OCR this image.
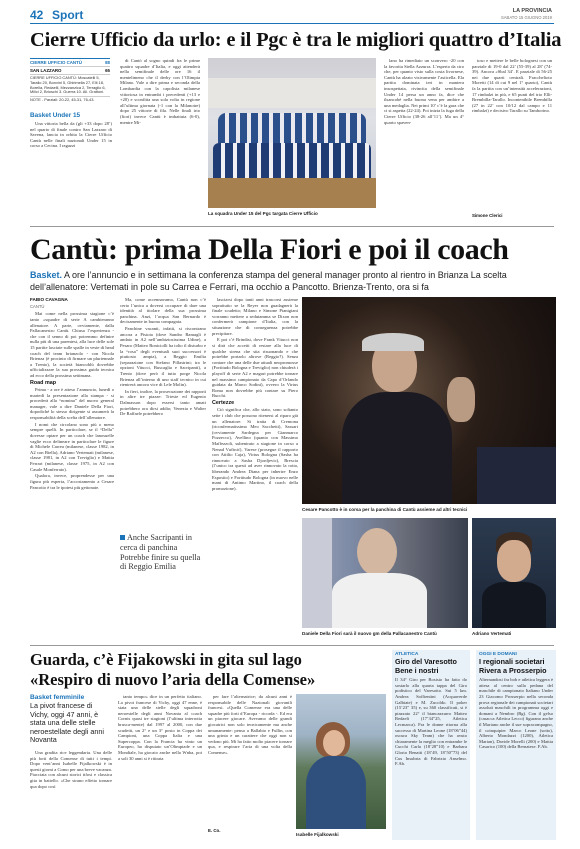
42 Sport	LA PROVINCIA
SABATO 15 GIUGNO 2019
Cierre Ufficio da urlo: e il Pgc è tra le migliori quattro d’Italia
CIERRE UFFICIO CANTÙ	88
SAN LAZZARO	65
CIERRE UFFICIO CANTÙ: Moscatelli 5, Tarallo 20, Bonvini 5, Ghirimella 27, Elli 18, Borella, Redaelli, Mezzanzica 2, Terraglio 6, Milici 2, Brioschi 3. Guerra 10. All. Grattoni.
NOTE - Parziali: 20-22, 45-31, 76-43.
Basket Under 15

Una vittoria bella da (gli +33 dopo 28’) nel quarto di finale contro San Lazzaro di Savena, lancia in orbita la Cierre Ufficio Cantù nelle finali nazionali Under 15 in corso a Cecina. I ragazzi

di Cantò al sogno quindi fra le prime quattro squadre d’Italia, e oggi attenderà nella semifinale delle ore 16 il mentelimeno che il derby con l’Olimpia Milano. Vale a dire prima e seconda della Lombardia con la capolista milanese vittoriosa in entrambi i precedenti (+13 e +20) e sconfitta una sola volta in regione all’ultima giornata (-1 con la Milanotre) dopo 25 vittorie di fila. Nelle finali trio (fiori) invece Cantù è imbattuta (6-0), mentre Mi-

La squadra Under 15 del Pgc targata Cierre Ufficio

lano ha rimediato un sconvero -20 con la favorita Stella Azzurra. L’esperto da ciro che, per quanto visto sulla costa livornese, Cantù ha alzato visivamente l’asticella. Ela partita dominata ieri in maniera insospettata, rivincita della semifinale Under 14 persa un anno fa, dice che ilsancobè nella buona vena per ambire a una medaglia. Nei primi 10’ c’è la gara che ci si aspetta (22-24). Poi inizia la fuga della Cierre Ufficio (38-26 all’11’). Ma un 4° quarto spaven-

toso e mettere le belle bolognesi con un parziale di 19-0 dal 22’ (55-39) al 28’ (74-39). Ancora «Sbal 34’. E parziale di 56-25 nei due quarti centrali. Fracchelioto Moretti (14 di cui 9 nel 1° quarto), Cantù fa la partita con un’intensità accelerazioni, 17 rimbalzi in più, e 65 punti del trio Elli-Brembilla-Tarallo. Incontenibile Brembilla (27 in 22’ con 10/12 dal campo e 11 rimbalzi) e decisivo Tarallo su Tamborino.

Simone Clerici
Cantù: prima Della Fiori e poi il coach
Basket. A ore l’annuncio e in settimana la conferenza stampa del general manager pronto al rientro in Brianza La scelta dell’allenatore: Vertemati in pole su Carrea e Ferrari, ma occhio a Pancotto. Brienza-Trento, ora si fa

FABIO CAVAGNA

CANTÙ

Mai come nella prossima stagione c’è tanto «squadre di serie A cambieranno allenatore. A parte, ovviamente, dalla Pallacanestro Cantù. Chiusa l’esperienza - che con il senno di poi potremmo definire nulla più di una parentesi, alla luce delle sole 15 partite lasciate sulle spalle in veste di head coach del team brianzolo - con Nicola Brienza (è procinto di firmare un pluriennale a Trento), la società biancoblù dovrebbe ufficializzare la sua prossima guida tecnica ad ecco della prossima settimana.

Road map

Prima - a ore è atteso l’annuncio, lunedì o martedì la presentazione alla stampa - si procederà alla “nomina” del nuovo general manager, vale a dire Daniele Della Fiori, dopodiché lo stesso dirigente si assumerà la responsabilità della scelta dell’allenatore.

I nomi che circolano sono più o meno sempre quelli. In particolare, se il “Della” dovesse optare per un coach che lanosuelle vaglie ecco delineare in particolare le figure di Michele Carrea (milanese, classe 1982, in A2 con Biella), Adriano Vertemati (milanese, classe 1981, in A2 con Treviglio) e Mattia Ferrari (milanese, classe 1975, in A2 con Casale Monferrato).

Qualora, invece, proprendesse per una figura più esperta, l’accostamento a Cesare Pancotto è tra le ipotesi più gettonate.

Ma, come accennavamo, Cantù non c’è certo l’unica a doversi occupare di dare una identità al titolare della sua prossima panchina. Anzi, l’acqua San Bernardo è decisamente in buona compagnia.

Panchine vacanti, infatti, si riscontrano ancora a Pistoia (dove Sandro Ramagli è andato in A2 nell’ambiziosissima Udine), a Pesaro (Matteo Boniciolli ha tolto il disturbo e la “rosa” degli eventuali suoi successori è piuttosto ampia), a Reggio Emilia (separazione con Stefano Pillastrini; tra le opzioni Vitucci, Buscaglia e Sacripanti), a Trento (dove però il tutto porge Nicola Brienza all’interno di uno staff tecnico in cui rientrerà ancora vice di Lele Molin).

In fieri, inoltre, la prosecuzione dei rapporti in altre tre piazze: Trieste ed Eugenio Dalmasson dopo essersi tanto amati potrebbero ora dirsi addio; Venezia e Walter De Raffaele potrebbero

Anche Sacripanti in cerca di panchina Potrebbe finire su quella di Reggio Emilia

lasciarsi dopo tanti anni trascorsi assieme soprattutto se la Reyer non guadagnerà la finale scudetto; Milano e Simone Pianigiani vorranno mettere a sedutamma se Dixon non confermerà campione d’Italia, con la situazione che di conseguenza potrebbe precipitare.

E poi c’è Brindisi, dove Frank Vitucci non si dirà che accetti di restare alla luce di qualche sirena che stia risuonando e che potrebbe portarlo altrove (Reggio?). Senza contare che una delle due attuali neopromosse (Fortitudo Bologna e Treviglio) non chiuderà i playoff di serie A2 e magari potrebbe tornare nel massimo campionato da Capo d’Orlando guidata da Marco Sodini), ovvero la Virtus Roma non dovrebbe più contare su Piero Bucchi.

Certezze

Ciò significa che, allo stato, sono soltanto sette i club che possono ritenersi al riparo già un allenatore. Si tratta di Cremona (riconfermatissimo Meo Sacchetti), Sassari (ovviamente Sardegna per Gianmarco Pozzecco), Avellino (quanto con Massimo Maffezzoli, subentrato a stagione in corso a Nenad Vučinić), Varese (prosegue il rapporto con Attilio Caja), Virtus Bologna (Sasha ha rinnovato a Sasha Djordjevic), Brescia (l’unico tra questi ad aver rinnovato la rotta, liberando Andrea Diana per inherire Enzo Esposito) e Fortitudo Bologna (in nuovo nelle mani di Antimo Martino, il coach della promozione).

Cesare Pancotto è in corsa per la panchina di Cantù assieme ad altri tecnici
Daniele Della Fiori sarà il nuovo gm della Pallacanestro Cantù	Adriano Vertemati
Guarda, c’è Fijakowski in gita sul lago
«Respiro di nuovo l’aria della Comense»
Basket femminile
La pivot francese di Vichy, oggi 47 anni, è stata una delle stelle neroestellate degli anni Novanta

Una gradita rice leggendaria. Una delle più forti della Comense di tutti i tempi. Dopo vent’anni Isabelle Fijalkowski è in questi giorni a Como per una breve vacanza. Piacciata con alcuni storici tifosi e classica gita in battello. «Che strano effetto tornare qua dopo così

tanto tempo» dice in un perfetto italiano. La pivot francese di Vichy, oggi 47 enne, è stata una delle stelle degli squadroni neroestelle degli anni Novanta al coach Cornis quasi tre stagioni (l’ultima interrotta brusca-mente) dal 1997 al 2000, con due scudetti, un 2° e un 3° posto in Coppa dei Campioni, una Coppa Italia e una Supercoppa. Con la Francia ha vinto un Europeo, ha disputato un’Olimpiade e un Mondiale, ha giocato anche nella Wnba, poi a soli 30 anni si è ritirata

per fare l’alternatrice; da alcuni anni è responsabile delle Nazionali giovanili francesi. «Quella Comense era una delle squadre più forti d’Europa - ricorda -. Ed era un piacere giocare. Avevamo delle grandi giocatrici non solo tecnicamente ma anche umanamente: penso a Ballabio e Fullin, con una grinta e un carattere che oggi non si vedono più. Mi ha fatto molto piacere tornare qua, e respirare l’aria di una volta della Comense».

E. Co.
Isabelle Fijalkowski
ATLETICA
Giro del Varesotto Bene i nostri
Il 34° Giro per Bosisio ha fatto do sostarlo alla quarta tappa del Giro podistico del Varesotto. Sui 5 km. Andrea Soffientini (Acquaverde Galbiate) e M. Zucoldo. Il poker (15’23” 35) e, su 360 classificati, si è piazzato 22° il biancazzurro Matteo Redaeli (17’34”25, Atletica Lecmarca). Fra le donne ritorna alla successo di Martina Leone (18’06”44) oscura Sky Team) che ha avuto chiaramente la meglio con entrambe le Cucchi Carla (18’28”10) e Barbara Gloria Benatti (18’49, 18’50”73) del Cus Insubria di Fabrizio Anselmo. F.Ab.
OGGI E DOMANI
I regionali societari Rivera a Prosserpio
Alternandosi fra bob e atletica leggera è attesa al centro sulla pedana del maschile di campionato Italiano Under 23 Giacomo Prosserpio nella seconda prova regionale dei campionati societari assoluti maschili in programma oggi e domani a Nembro (Bg). Con il gelso (casacca Atletica Lecco) figurano anche il Mariano anche il sue sopracompagno, il coinquipier Marco Leone (sotto), Alberto Mondazzi (1200), Atletica Marian), Davide Morelli (200) e Mattia Casarico (100) della Bernatese. F.Ab.
